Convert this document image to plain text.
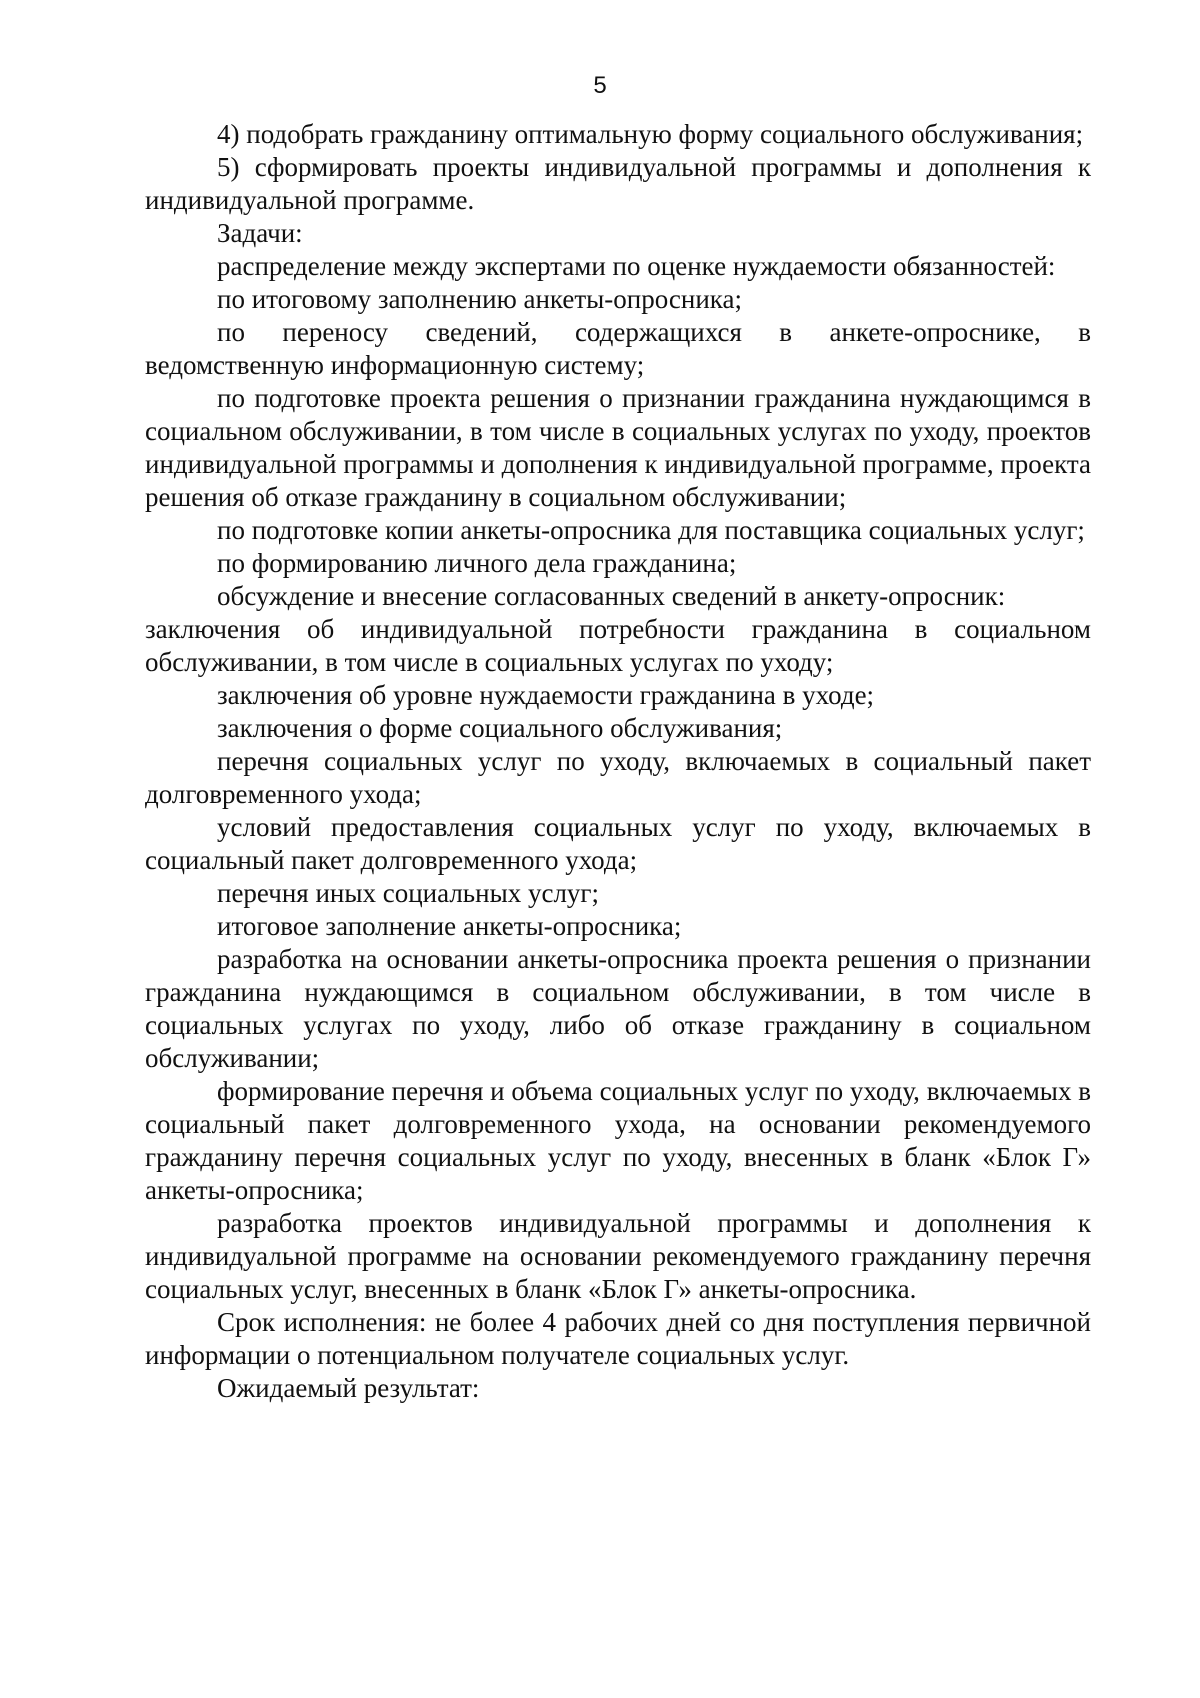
5

4) подобрать гражданину оптимальную форму социального обслуживания;

5) сформировать проекты индивидуальной программы и дополнения к индивидуальной программе.

Задачи:

распределение между экспертами по оценке нуждаемости обязанностей:

по итоговому заполнению анкеты-опросника;

по переносу сведений, содержащихся в анкете-опроснике, в ведомственную информационную систему;

по подготовке проекта решения о признании гражданина нуждающимся в социальном обслуживании, в том числе в социальных услугах по уходу, проектов индивидуальной программы и дополнения к индивидуальной программе, проекта решения об отказе гражданину в социальном обслуживании;

по подготовке копии анкеты-опросника для поставщика социальных услуг;

по формированию личного дела гражданина;

обсуждение и внесение согласованных сведений в анкету-опросник:

заключения об индивидуальной потребности гражданина в социальном обслуживании, в том числе в социальных услугах по уходу;

заключения об уровне нуждаемости гражданина в уходе;

заключения о форме социального обслуживания;

перечня социальных услуг по уходу, включаемых в социальный пакет долговременного ухода;

условий предоставления социальных услуг по уходу, включаемых в социальный пакет долговременного ухода;

перечня иных социальных услуг;

итоговое заполнение анкеты-опросника;

разработка на основании анкеты-опросника проекта решения о признании гражданина нуждающимся в социальном обслуживании, в том числе в социальных услугах по уходу, либо об отказе гражданину в социальном обслуживании;

формирование перечня и объема социальных услуг по уходу, включаемых в социальный пакет долговременного ухода, на основании рекомендуемого гражданину перечня социальных услуг по уходу, внесенных в бланк «Блок Г» анкеты-опросника;

разработка проектов индивидуальной программы и дополнения к индивидуальной программе на основании рекомендуемого гражданину перечня социальных услуг, внесенных в бланк «Блок Г» анкеты-опросника.

Срок исполнения: не более 4 рабочих дней со дня поступления первичной информации о потенциальном получателе социальных услуг.

Ожидаемый результат:
